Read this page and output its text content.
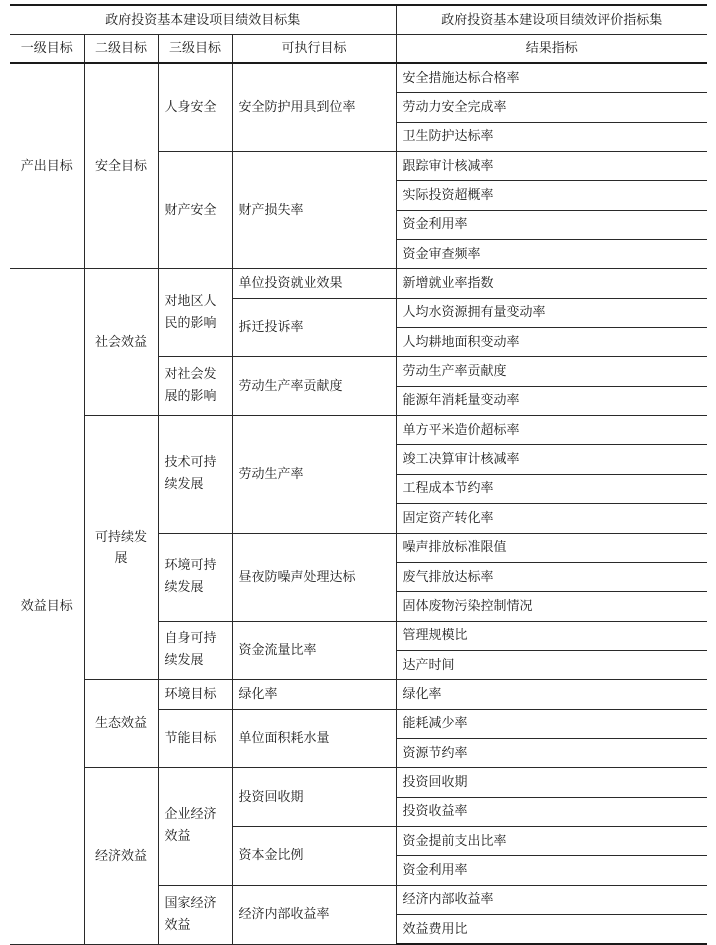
政府投资基本建设项目绩效目标集				政府投资基本建设项目绩效评价指标集
一级目标	二级目标	三级目标	可执行目标	结果指标
产出目标	安全目标	人身安全	安全防护用具到位率	安全措施达标合格率
				劳动力安全完成率
				卫生防护达标率
		财产安全	财产损失率	跟踪审计核减率
				实际投资超概率
				资金利用率
				资金审查频率
效益目标	社会效益	对地区人民的影响	单位投资就业效果	新增就业率指数
			拆迁投诉率	人均水资源拥有量变动率
				人均耕地面积变动率
		对社会发展的影响	劳动生产率贡献度	劳动生产率贡献度
				能源年消耗量变动率
	可持续发展	技术可持续发展	劳动生产率	单方平米造价超标率
				竣工决算审计核减率
				工程成本节约率
				固定资产转化率
		环境可持续发展	昼夜防噪声处理达标	噪声排放标准限值
				废气排放达标率
				固体废物污染控制情况
		自身可持续发展	资金流量比率	管理规模比
				达产时间
	生态效益	环境目标	绿化率	绿化率
		节能目标	单位面积耗水量	能耗减少率
				资源节约率
	经济效益	企业经济效益	投资回收期	投资回收期
				投资收益率
			资本金比例	资金提前支出比率
				资金利用率
		国家经济效益	经济内部收益率	经济内部收益率
				效益费用比
